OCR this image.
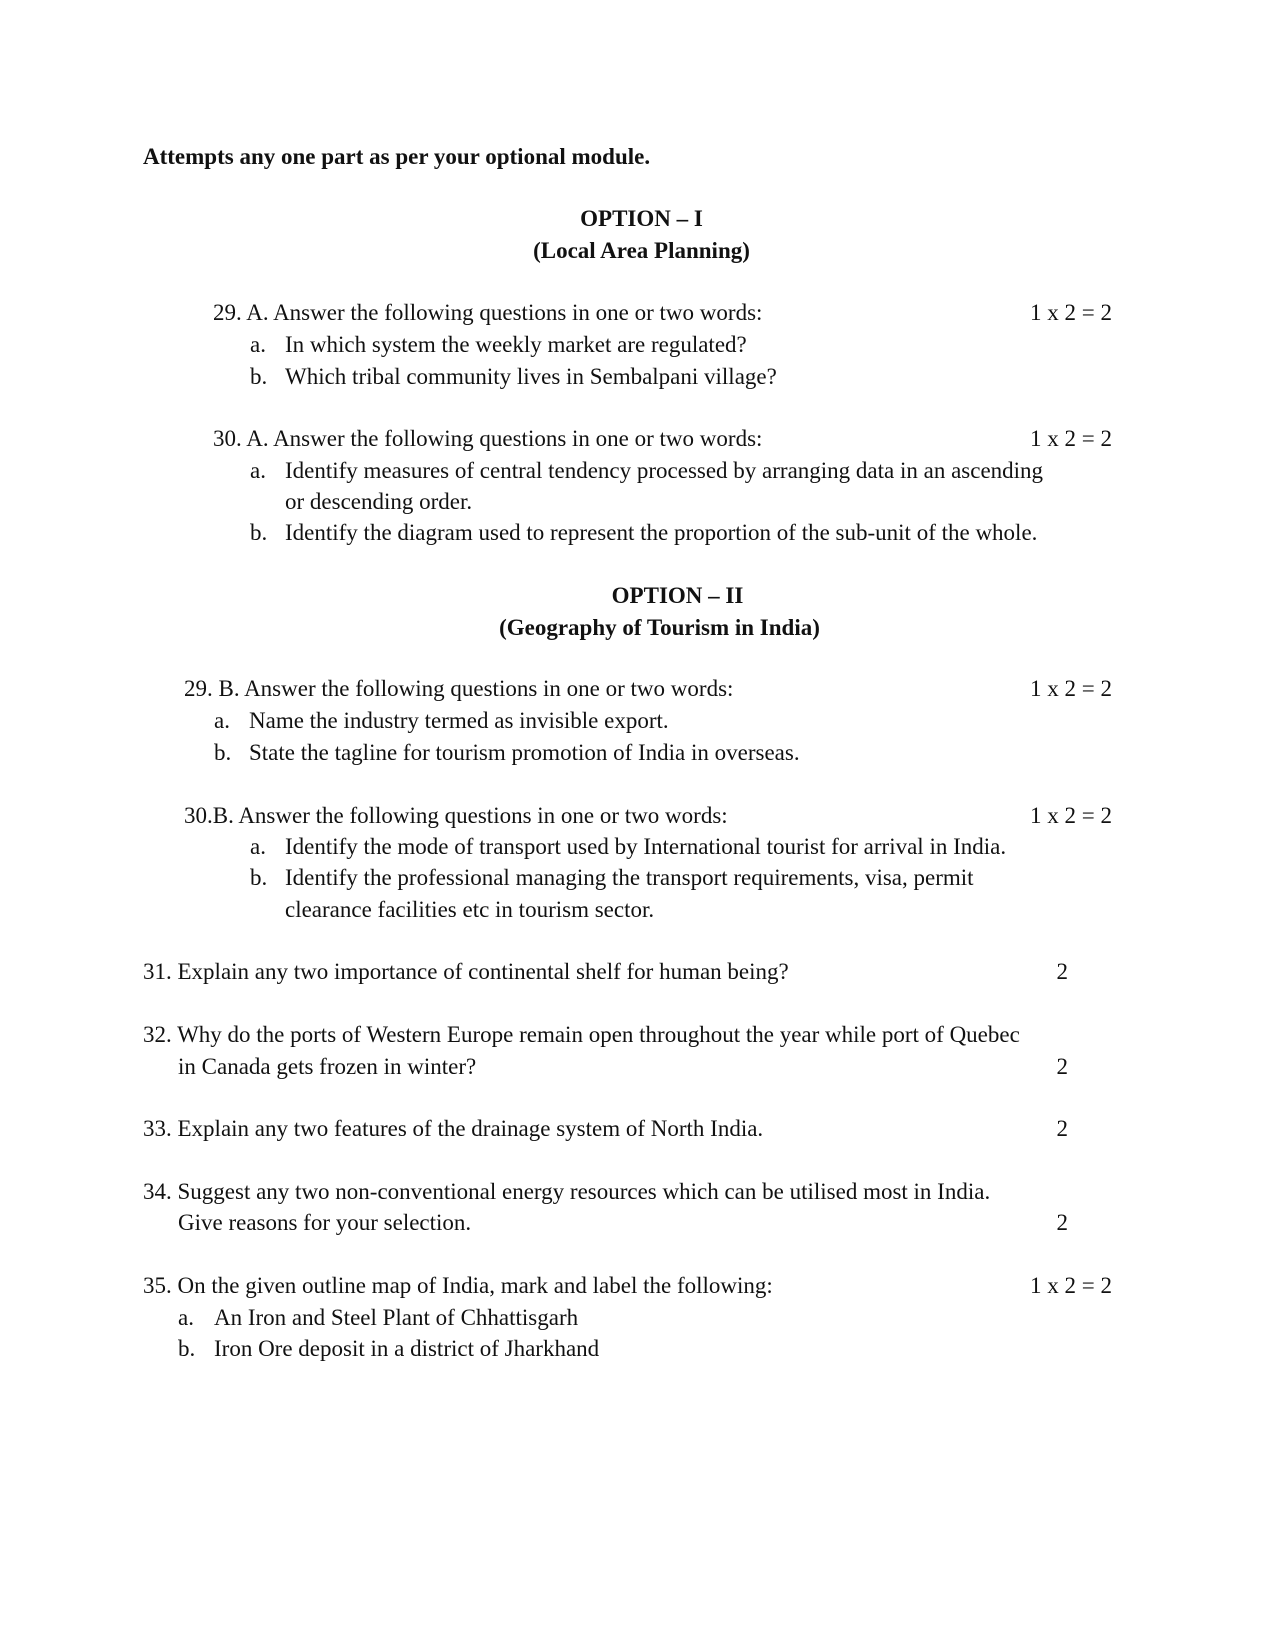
Attempts any one part as per your optional module.
OPTION – I
(Local Area Planning)
29. A. Answer the following questions in one or two words:	1 x 2 = 2
a. In which system the weekly market are regulated?
b. Which tribal community lives in Sembalpani village?
30. A. Answer the following questions in one or two words:	1 x 2 = 2
a. Identify measures of central tendency processed by arranging data in an ascending
or descending order.
b. Identify the diagram used to represent the proportion of the sub-unit of the whole.
OPTION – II
(Geography of Tourism in India)
29. B. Answer the following questions in one or two words:	1 x 2 = 2
a. Name the industry termed as invisible export.
b. State the tagline for tourism promotion of India in overseas.
30.B. Answer the following questions in one or two words:	1 x 2 = 2
a. Identify the mode of transport used by International tourist for arrival in India.
b. Identify the professional managing the transport requirements, visa, permit
clearance facilities etc in tourism sector.
31. Explain any two importance of continental shelf for human being?	2
32. Why do the ports of Western Europe remain open throughout the year while port of Quebec
in Canada gets frozen in winter?	2
33. Explain any two features of the drainage system of North India.	2
34. Suggest any two non-conventional energy resources which can be utilised most in India.
Give reasons for your selection.	2
35. On the given outline map of India, mark and label the following:	1 x 2 = 2
a. An Iron and Steel Plant of Chhattisgarh
b. Iron Ore deposit in a district of Jharkhand
